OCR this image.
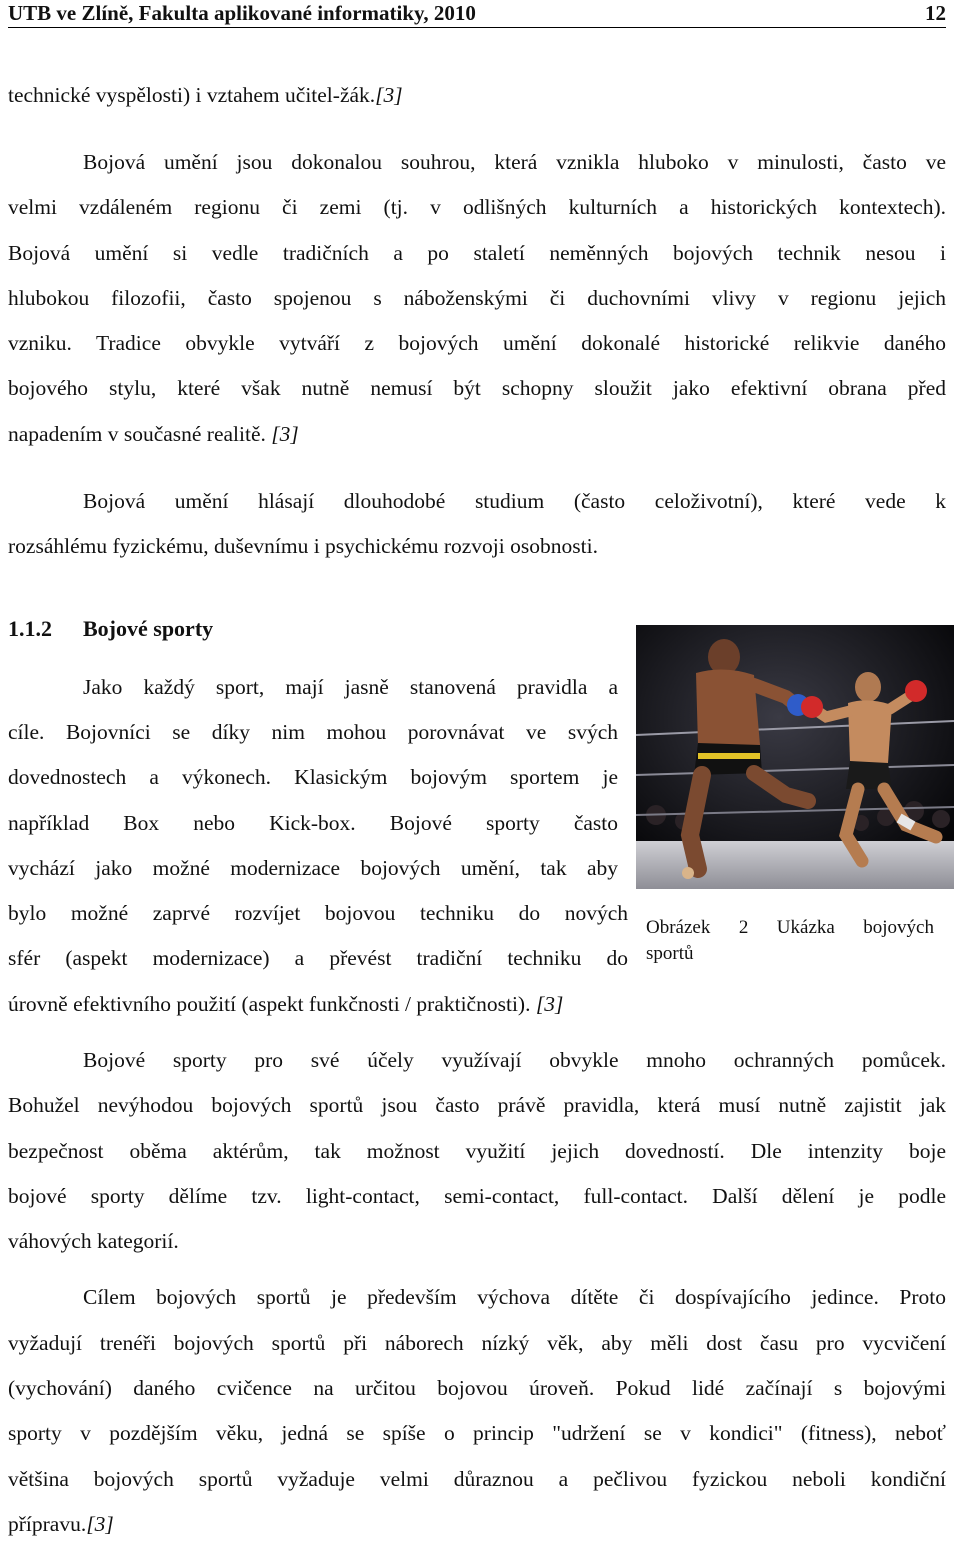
UTB ve Zlíně, Fakulta aplikované informatiky, 2010	12
technické vyspělosti) i vztahem učitel-žák.[3]
Bojová umění jsou dokonalou souhrou, která vznikla hluboko v minulosti, často ve
velmi vzdáleném regionu či zemi (tj. v odlišných kulturních a historických kontextech).
Bojová umění si vedle tradičních a po staletí neměnných bojových technik nesou i
hlubokou filozofii, často spojenou s náboženskými či duchovními vlivy v regionu jejich
vzniku. Tradice obvykle vytváří z bojových umění dokonalé historické relikvie daného
bojového stylu, které však nutně nemusí být schopny sloužit jako efektivní obrana před
napadením v současné realitě. [3]
Bojová umění hlásají dlouhodobé studium (často celoživotní), které vede k
rozsáhlému fyzickému, duševnímu i psychickému rozvoji osobnosti.
1.1.2 Bojové sporty
Obrázek 2 Ukázka bojových
sportů
Jako každý sport, mají jasně stanovená pravidla a
cíle. Bojovníci se díky nim mohou porovnávat ve svých
dovednostech a výkonech. Klasickým bojovým sportem je
například Box nebo Kick-box. Bojové sporty často
vychází jako možné modernizace bojových umění, tak aby
bylo možné zaprvé rozvíjet bojovou techniku do nových
sfér (aspekt modernizace) a převést tradiční techniku do
úrovně efektivního použití (aspekt funkčnosti / praktičnosti). [3]
Bojové sporty pro své účely využívají obvykle mnoho ochranných pomůcek.
Bohužel nevýhodou bojových sportů jsou často právě pravidla, která musí nutně zajistit jak
bezpečnost oběma aktérům, tak možnost využití jejich dovedností. Dle intenzity boje
bojové sporty dělíme tzv. light-contact, semi-contact, full-contact. Další dělení je podle
váhových kategorií.
Cílem bojových sportů je především výchova dítěte či dospívajícího jedince. Proto
vyžadují trenéři bojových sportů při náborech nízký věk, aby měli dost času pro vycvičení
(vychování) daného cvičence na určitou bojovou úroveň. Pokud lidé začínají s bojovými
sporty v pozdějším věku, jedná se spíše o princip "udržení se v kondici" (fitness), neboť
většina bojových sportů vyžaduje velmi důraznou a pečlivou fyzickou neboli kondiční
přípravu.[3]
